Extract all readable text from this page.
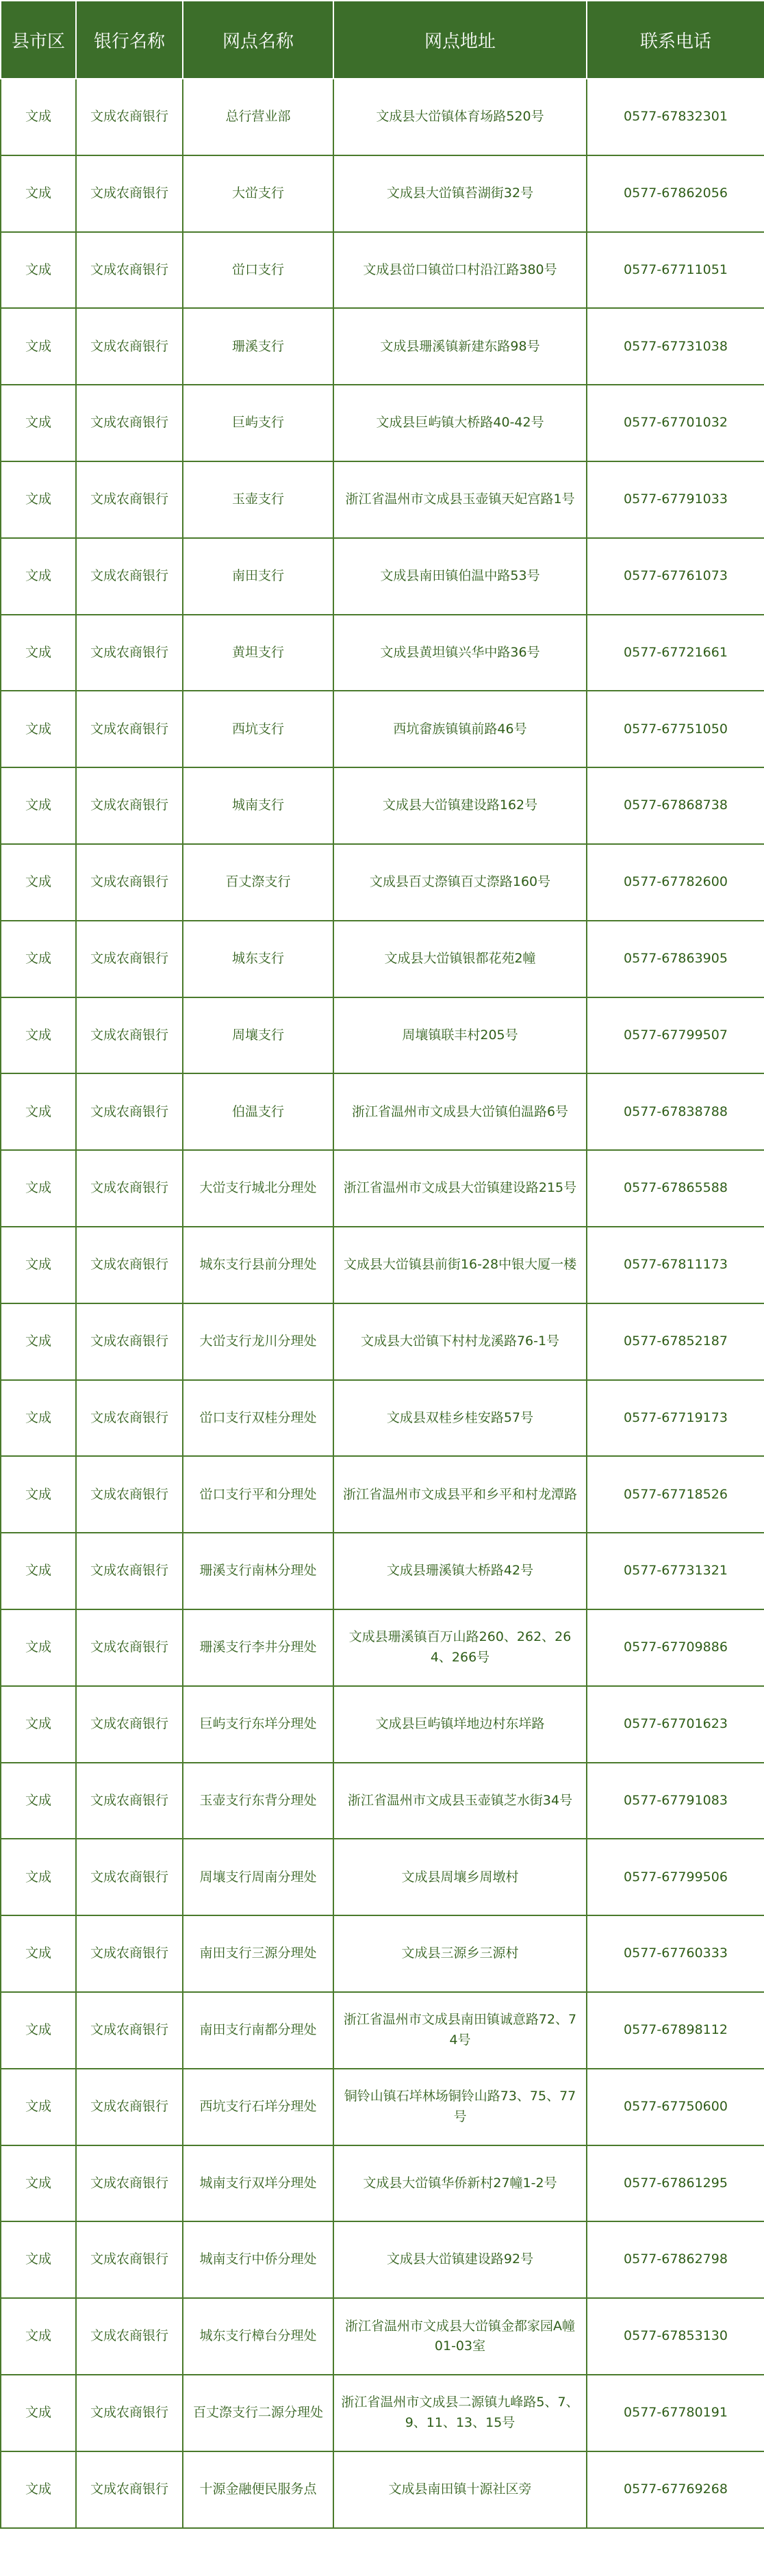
县市区	银行名称	网点名称	网点地址	联系电话
文成	文成农商银行	总行营业部	文成县大峃镇体育场路520号	0577-67832301
文成	文成农商银行	大峃支行	文成县大峃镇苔湖街32号	0577-67862056
文成	文成农商银行	峃口支行	文成县峃口镇峃口村沿江路380号	0577-67711051
文成	文成农商银行	珊溪支行	文成县珊溪镇新建东路98号	0577-67731038
文成	文成农商银行	巨屿支行	文成县巨屿镇大桥路40-42号	0577-67701032
文成	文成农商银行	玉壶支行	浙江省温州市文成县玉壶镇天妃宫路1号	0577-67791033
文成	文成农商银行	南田支行	文成县南田镇伯温中路53号	0577-67761073
文成	文成农商银行	黄坦支行	文成县黄坦镇兴华中路36号	0577-67721661
文成	文成农商银行	西坑支行	西坑畲族镇镇前路46号	0577-67751050
文成	文成农商银行	城南支行	文成县大峃镇建设路162号	0577-67868738
文成	文成农商银行	百丈漈支行	文成县百丈漈镇百丈漈路160号	0577-67782600
文成	文成农商银行	城东支行	文成县大峃镇银都花苑2幢	0577-67863905
文成	文成农商银行	周壤支行	周壤镇联丰村205号	0577-67799507
文成	文成农商银行	伯温支行	浙江省温州市文成县大峃镇伯温路6号	0577-67838788
文成	文成农商银行	大峃支行城北分理处	浙江省温州市文成县大峃镇建设路215号	0577-67865588
文成	文成农商银行	城东支行县前分理处	文成县大峃镇县前街16-28中银大厦一楼	0577-67811173
文成	文成农商银行	大峃支行龙川分理处	文成县大峃镇下村村龙溪路76-1号	0577-67852187
文成	文成农商银行	峃口支行双桂分理处	文成县双桂乡桂安路57号	0577-67719173
文成	文成农商银行	峃口支行平和分理处	浙江省温州市文成县平和乡平和村龙潭路	0577-67718526
文成	文成农商银行	珊溪支行南林分理处	文成县珊溪镇大桥路42号	0577-67731321
文成	文成农商银行	珊溪支行李井分理处	文成县珊溪镇百万山路260、262、264、266号	0577-67709886
文成	文成农商银行	巨屿支行东垟分理处	文成县巨屿镇垟地边村东垟路	0577-67701623
文成	文成农商银行	玉壶支行东背分理处	浙江省温州市文成县玉壶镇芝水街34号	0577-67791083
文成	文成农商银行	周壤支行周南分理处	文成县周壤乡周墩村	0577-67799506
文成	文成农商银行	南田支行三源分理处	文成县三源乡三源村	0577-67760333
文成	文成农商银行	南田支行南都分理处	浙江省温州市文成县南田镇诚意路72、74号	0577-67898112
文成	文成农商银行	西坑支行石垟分理处	铜铃山镇石垟林场铜铃山路73、75、77号	0577-67750600
文成	文成农商银行	城南支行双垟分理处	文成县大峃镇华侨新村27幢1-2号	0577-67861295
文成	文成农商银行	城南支行中侨分理处	文成县大峃镇建设路92号	0577-67862798
文成	文成农商银行	城东支行樟台分理处	浙江省温州市文成县大峃镇金都家园A幢01-03室	0577-67853130
文成	文成农商银行	百丈漈支行二源分理处	浙江省温州市文成县二源镇九峰路5、7、9、11、13、15号	0577-67780191
文成	文成农商银行	十源金融便民服务点	文成县南田镇十源社区旁	0577-67769268
